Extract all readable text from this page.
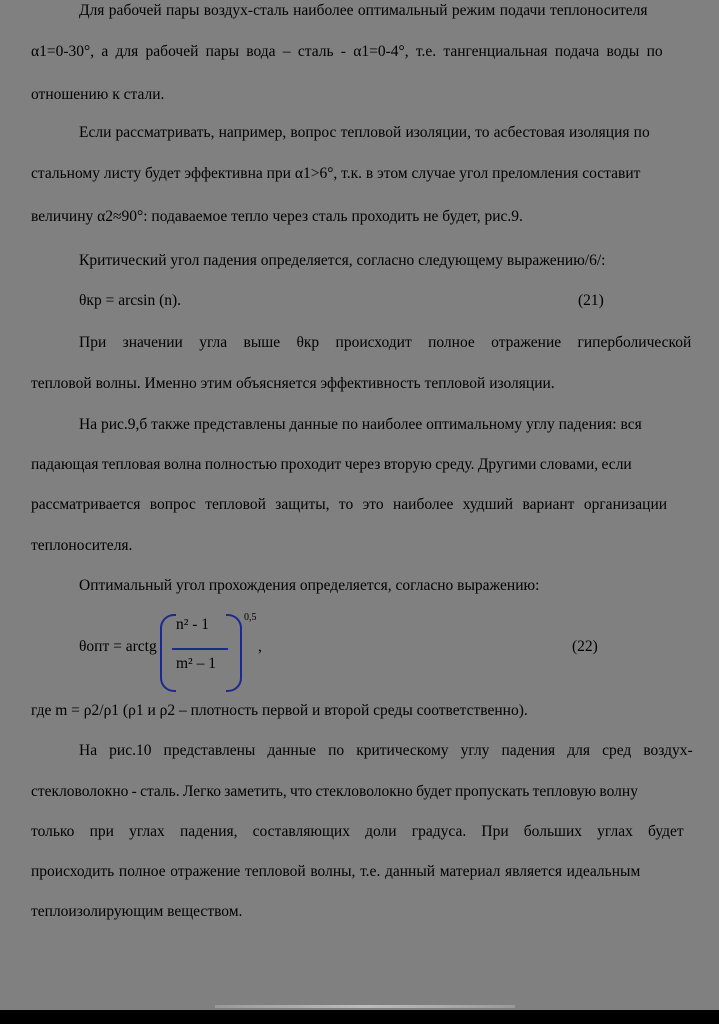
Для рабочей пары воздух-сталь наиболее оптимальный режим подачи теплоносителя
α1=0-30°, а для рабочей пары вода – сталь - α1=0-4°, т.е. тангенциальная подача воды по
отношению к стали.
Если рассматривать, например, вопрос тепловой изоляции, то асбестовая изоляция по
стальному листу будет эффективна при α1>6°, т.к. в этом случае угол преломления составит
величину α2≈90°: подаваемое тепло через сталь проходить не будет, рис.9.
Критический угол падения определяется, согласно следующему выражению/6/:
θкр = arcsin (n).	(21)
При значении угла выше θкр происходит полное отражение гиперболической
тепловой волны. Именно этим объясняется эффективность тепловой изоляции.
На рис.9,б также представлены данные по наиболее оптимальному углу падения: вся
падающая тепловая волна полностью проходит через вторую среду. Другими словами, если
рассматривается вопрос тепловой защиты, то это наиболее худший вариант организации
теплоносителя.
Оптимальный угол прохождения определяется, согласно выражению:
θопт = arctg
n² - 1
m² – 1
0,5
,	(22)
где m = ρ2/ρ1 (ρ1 и ρ2 – плотность первой и второй среды соответственно).
На рис.10 представлены данные по критическому углу падения для сред воздух-
стекловолокно - сталь. Легко заметить, что стекловолокно будет пропускать тепловую волну
только при углах падения, составляющих доли градуса. При больших углах будет
происходить полное отражение тепловой волны, т.е. данный материал является идеальным
теплоизолирующим веществом.
